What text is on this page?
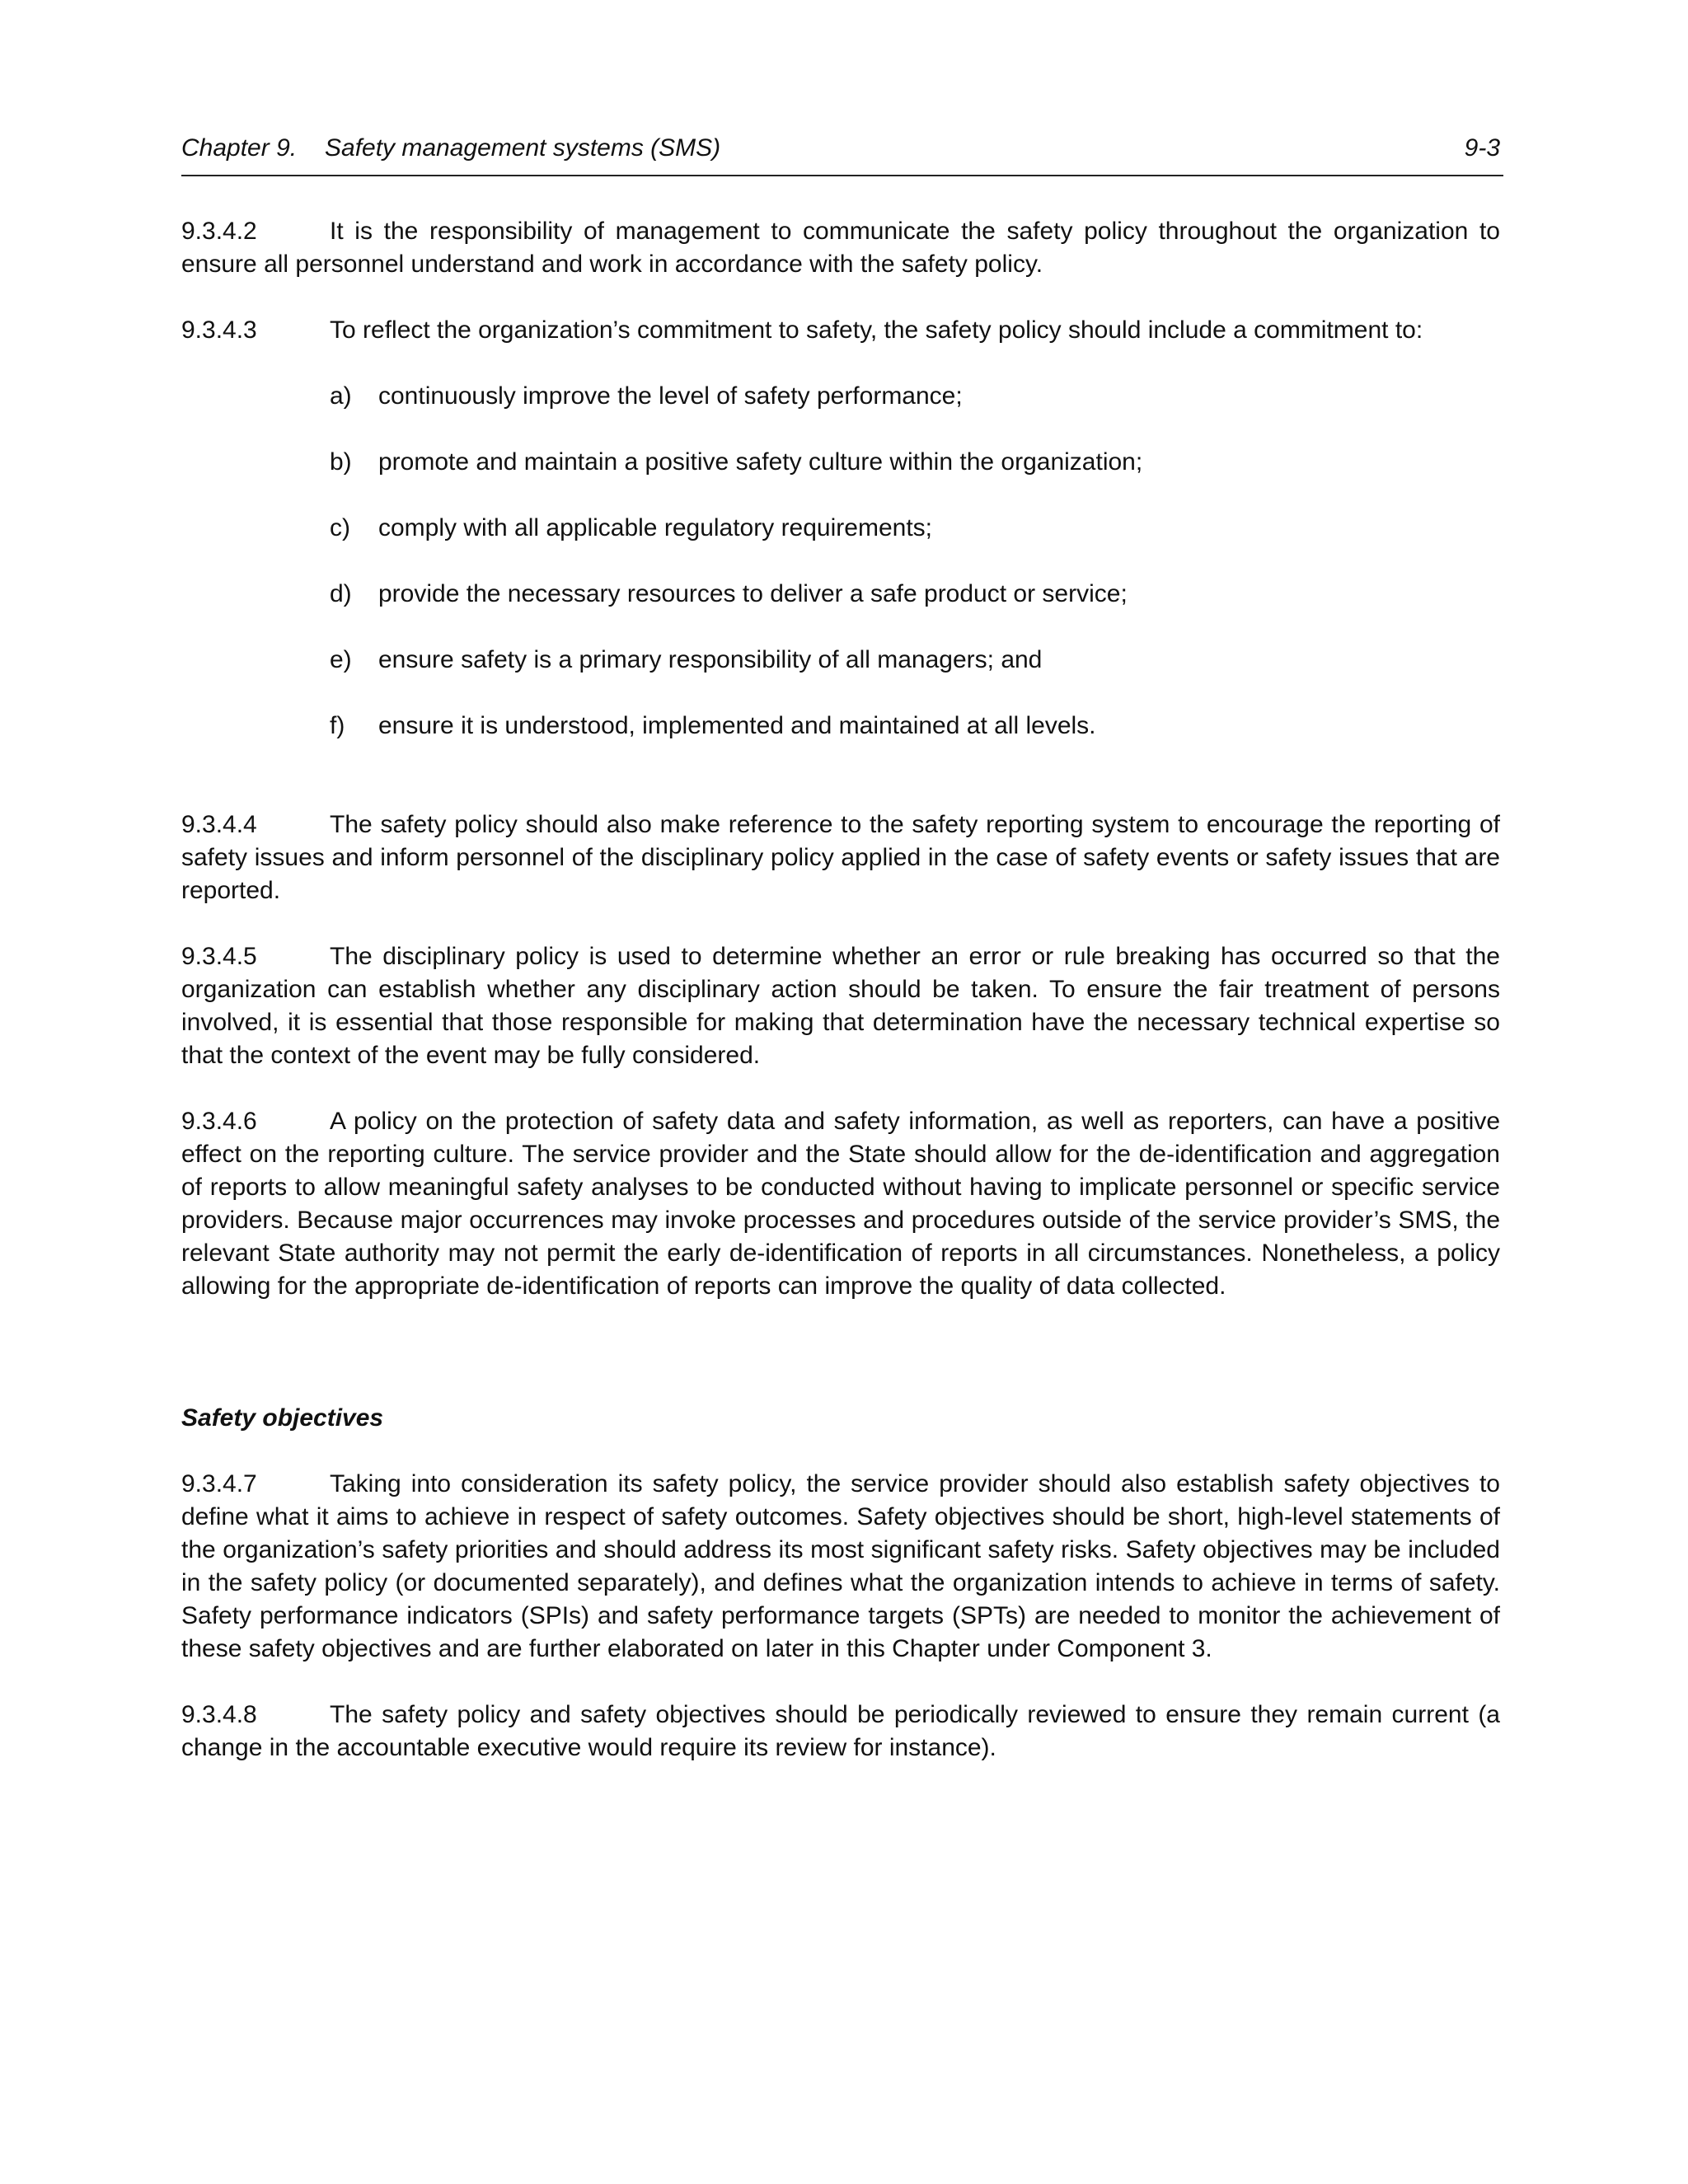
Chapter 9. Safety management systems (SMS)	9-3

9.3.4.2	It is the responsibility of management to communicate the safety policy throughout the organization to ensure all personnel understand and work in accordance with the safety policy.

9.3.4.3	To reflect the organization’s commitment to safety, the safety policy should include a commitment to:

a) continuously improve the level of safety performance;
b) promote and maintain a positive safety culture within the organization;
c) comply with all applicable regulatory requirements;
d) provide the necessary resources to deliver a safe product or service;
e) ensure safety is a primary responsibility of all managers; and
f) ensure it is understood, implemented and maintained at all levels.

9.3.4.4	The safety policy should also make reference to the safety reporting system to encourage the reporting of safety issues and inform personnel of the disciplinary policy applied in the case of safety events or safety issues that are reported.

9.3.4.5	The disciplinary policy is used to determine whether an error or rule breaking has occurred so that the organization can establish whether any disciplinary action should be taken. To ensure the fair treatment of persons involved, it is essential that those responsible for making that determination have the necessary technical expertise so that the context of the event may be fully considered.

9.3.4.6	A policy on the protection of safety data and safety information, as well as reporters, can have a positive effect on the reporting culture. The service provider and the State should allow for the de-identification and aggregation of reports to allow meaningful safety analyses to be conducted without having to implicate personnel or specific service providers. Because major occurrences may invoke processes and procedures outside of the service provider’s SMS, the relevant State authority may not permit the early de-identification of reports in all circumstances. Nonetheless, a policy allowing for the appropriate de-identification of reports can improve the quality of data collected.

Safety objectives

9.3.4.7	Taking into consideration its safety policy, the service provider should also establish safety objectives to define what it aims to achieve in respect of safety outcomes. Safety objectives should be short, high-level statements of the organization’s safety priorities and should address its most significant safety risks. Safety objectives may be included in the safety policy (or documented separately), and defines what the organization intends to achieve in terms of safety. Safety performance indicators (SPIs) and safety performance targets (SPTs) are needed to monitor the achievement of these safety objectives and are further elaborated on later in this Chapter under Component 3.

9.3.4.8	The safety policy and safety objectives should be periodically reviewed to ensure they remain current (a change in the accountable executive would require its review for instance).
